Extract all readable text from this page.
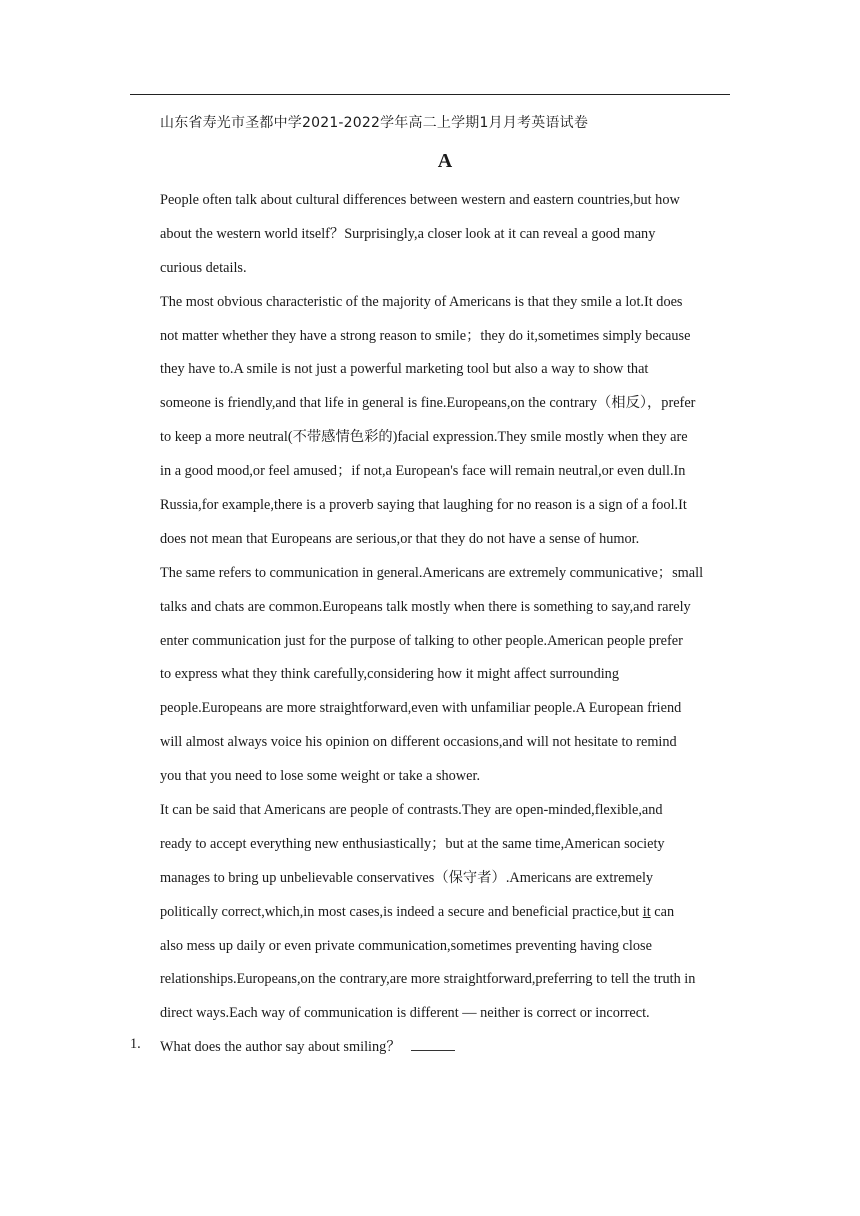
山东省寿光市圣都中学2021-2022学年高二上学期1月月考英语试卷
A
People often talk about cultural differences between western and eastern countries,but how
about the western world itself？Surprisingly,a closer look at it can reveal a good many
curious details.
The most obvious characteristic of the majority of Americans is that they smile a lot.It does
not matter whether they have a strong reason to smile；they do it,sometimes simply because
they have to.A smile is not just a powerful marketing tool but also a way to show that
someone is friendly,and that life in general is fine.Europeans,on the contrary（相反），prefer
to keep a more neutral(不带感情色彩的)facial expression.They smile mostly when they are
in a good mood,or feel amused；if not,a European's face will remain neutral,or even dull.In
Russia,for example,there is a proverb saying that laughing for no reason is a sign of a fool.It
does not mean that Europeans are serious,or that they do not have a sense of humor.
The same refers to communication in general.Americans are extremely communicative；small
talks and chats are common.Europeans talk mostly when there is something to say,and rarely
enter communication just for the purpose of talking to other people.American people prefer
to express what they think carefully,considering how it might affect surrounding
people.Europeans are more straightforward,even with unfamiliar people.A European friend
will almost always voice his opinion on different occasions,and will not hesitate to remind
you that you need to lose some weight or take a shower.
It can be said that Americans are people of contrasts.They are open-minded,flexible,and
ready to accept everything new enthusiastically；but at the same time,American society
manages to bring up unbelievable conservatives（保守者）.Americans are extremely
politically correct,which,in most cases,is indeed a secure and beneficial practice,but it can
also mess up daily or even private communication,sometimes preventing having close
relationships.Europeans,on the contrary,are more straightforward,preferring to tell the truth in
direct ways.Each way of communication is different — neither is correct or incorrect.
1. What does the author say about smiling？
